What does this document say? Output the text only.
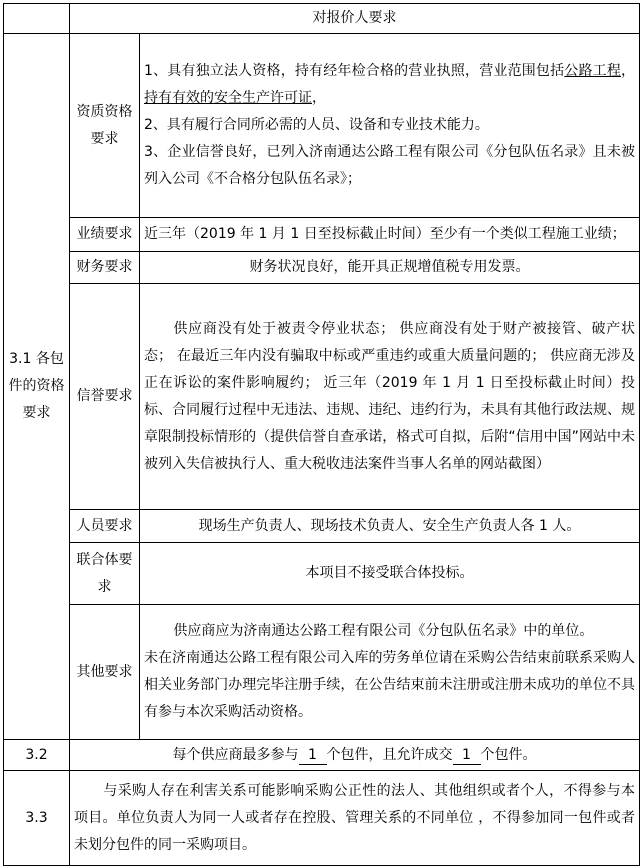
	对报价人要求	
3.1 各包件的资格要求	资质资格要求	1、具有独立法人资格，持有经年检合格的营业执照，营业范围包括公路工程，持有有效的安全生产许可证，

2、具有履行合同所必需的人员、设备和专业技术能力。

3、企业信誉良好，已列入济南通达公路工程有限公司《分包队伍名录》且未被列入公司《不合格分包队伍名录》；

	业绩要求	近三年（2019 年 1 月 1 日至投标截止时间）至少有一个类似工程施工业绩；
	财务要求	财务状况良好，能开具正规增值税专用发票。
	信誉要求	供应商没有处于被责令停业状态； 供应商没有处于财产被接管、破产状态； 在最近三年内没有骗取中标或严重违约或重大质量问题的； 供应商无涉及正在诉讼的案件影响履约； 近三年（2019 年 1 月 1 日至投标截止时间）投标、合同履行过程中无违法、违规、违纪、违约行为，未具有其他行政法规、规章限制投标情形的（提供信誉自查承诺，格式可自拟，后附“信用中国”网站中未被列入失信被执行人、重大税收违法案件当事人名单的网站截图）
	人员要求	现场生产负责人、现场技术负责人、安全生产负责人各 1 人。
	联合体要求	本项目不接受联合体投标。
	其他要求	供应商应为济南通达公路工程有限公司《分包队伍名录》中的单位。

未在济南通达公路工程有限公司入库的劳务单位请在采购公告结束前联系采购人相关业务部门办理完毕注册手续，在公告结束前未注册或注册未成功的单位不具有参与本次采购活动资格。

3.2	每个供应商最多参与 1 个包件，且允许成交 1 个包件。	
3.3	与采购人存在利害关系可能影响采购公正性的法人、其他组织或者个人，不得参与本项目。单位负责人为同一人或者存在控股、管理关系的不同单位 ，不得参加同一包件或者未划分包件的同一采购项目。	
